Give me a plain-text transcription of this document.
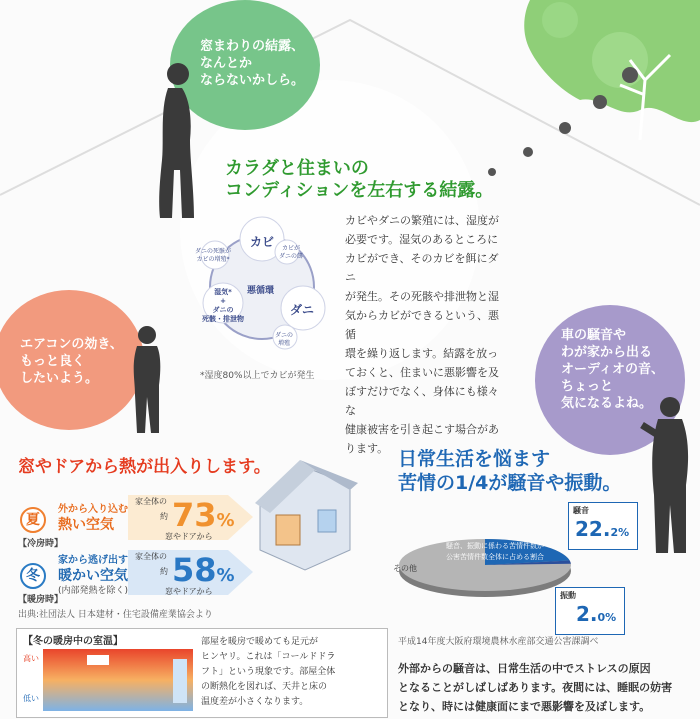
窓まわりの結露、
なんとか
ならないかしら。
カラダと住まいの
コンディションを左右する結露。
カビ
ダニ
悪循環
ダニの死骸が
カビの増殖*
カビが
ダニの餌
湿気*
+
ダニの
死骸・排泄物
ダニの
増殖
*湿度80%以上でカビが発生
カビやダニの繁殖には、湿度が
必要です。湿気のあるところに
カビができ、そのカビを餌にダニ
が発生。その死骸や排泄物と湿
気からカビができるという、悪循
環を繰り返します。結露を放っ
ておくと、住まいに悪影響を及
ぼすだけでなく、身体にも様々な
健康被害を引き起こす場合があ
ります。
エアコンの効き、
もっと良く
したいよう。
車の騒音や
わが家から出る
オーディオの音、
ちょっと
気になるよね。
窓やドアから熱が出入りします。
夏
【冷房時】
外から入り込む
熱い空気
家全体の
約 73%
窓やドアから
冬
【暖房時】
家から逃げ出す
暖かい空気
(内部発熱を除く)
家全体の
約 58%
窓やドアから
出典:社団法人 日本建材・住宅設備産業協会より
【冬の暖房中の室温】
高い
低い
部屋を暖房で暖めても足元が
ヒンヤリ。これは「コールドドラ
フト」という現象です。部屋全体
の断熱化を図れば、天井と床の
温度差が小さくなります。
日常生活を悩ます
苦情の1/4が騒音や振動。
その他
騒音、振動に係わる苦情件数が
公害苦情件数全体に占める割合
騒音
22.2%
振動
2.0%
平成14年度大阪府環境農林水産部交通公害課調べ
外部からの騒音は、日常生活の中でストレスの原因
となることがしばしばあります。夜間には、睡眠の妨害
となり、時には健康面にまで悪影響を及ぼします。
